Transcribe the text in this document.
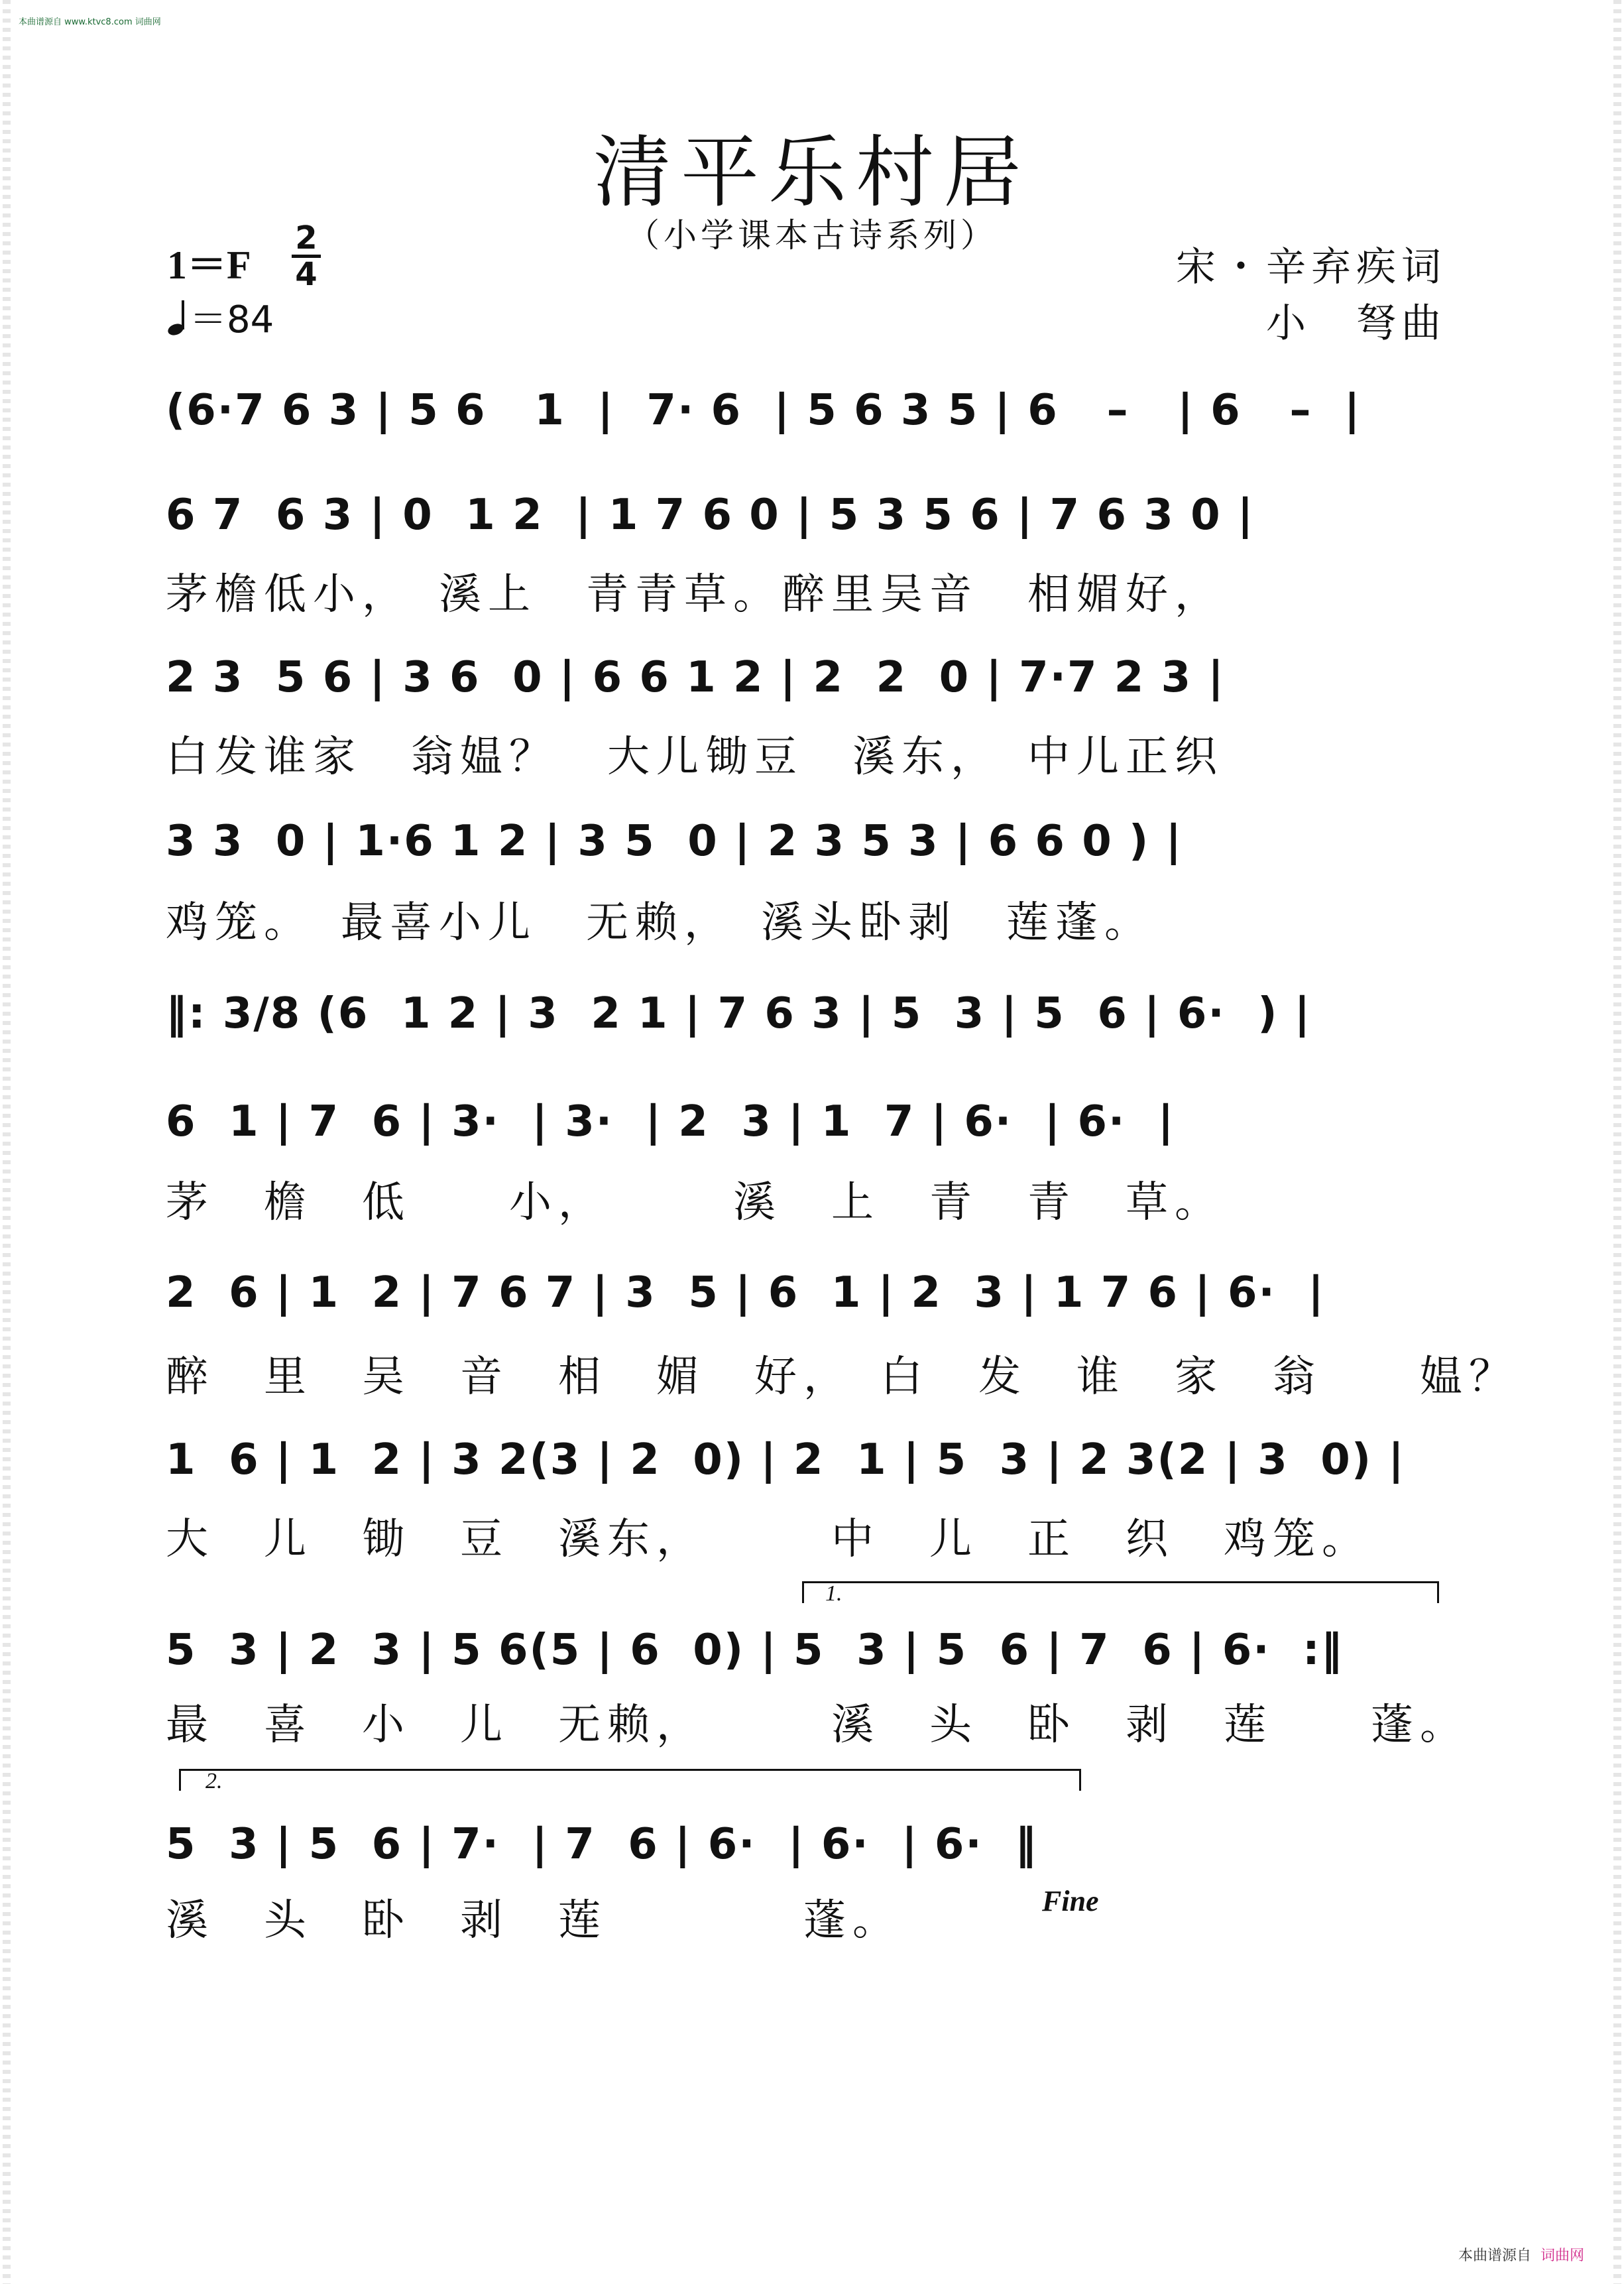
本曲谱源自 www.ktvc8.com 词曲网
清平乐村居
（小学课本古诗系列）
1＝F
2
4
＝84
宋・辛弃疾词
小　弩曲
(6·7 6 3 | 5 6   1  |  7· 6  | 5 6 3 5 | 6   –   | 6   –  |
6 7  6 3 | 0  1 2  | 1 7 6 0 | 5 3 5 6 | 7 6 3 0 |
茅檐低小，　溪上　青青草。醉里吴音　相媚好，
2 3  5 6 | 3 6  0 | 6 6 1 2 | 2  2  0 | 7·7 2 3 |
白发谁家　翁媪？　大儿锄豆　溪东，　中儿正织
3 3  0 | 1·6 1 2 | 3 5  0 | 2 3 5 3 | 6 6 0 ) |
鸡笼。　最喜小儿　无赖，　溪头卧剥　莲蓬。
‖: 3/8 (6  1 2 | 3  2 1 | 7 6 3 | 5  3 | 5  6 | 6·  ) |
6  1 | 7  6 | 3·  | 3·  | 2  3 | 1  7 | 6·  | 6·  |
茅　檐　低　　小，　　　溪　上　青　青　草。
2  6 | 1  2 | 7 6 7 | 3  5 | 6  1 | 2  3 | 1 7 6 | 6·  |
醉　里　吴　音　相　媚　好，　白　发　谁　家　翁　　媪？
1  6 | 1  2 | 3 2(3 | 2  0) | 2  1 | 5  3 | 2 3(2 | 3  0) |
大　儿　锄　豆　溪东，　　　中　儿　正　织　鸡笼。
1.
5  3 | 2  3 | 5 6(5 | 6  0) | 5  3 | 5  6 | 7  6 | 6·  :‖
最　喜　小　儿　无赖，　　　溪　头　卧　剥　莲　　蓬。
2.
5  3 | 5  6 | 7·  | 7  6 | 6·  | 6·  | 6·  ‖
溪　头　卧　剥　莲　　　　蓬。	Fine
本曲谱源自 词曲网
